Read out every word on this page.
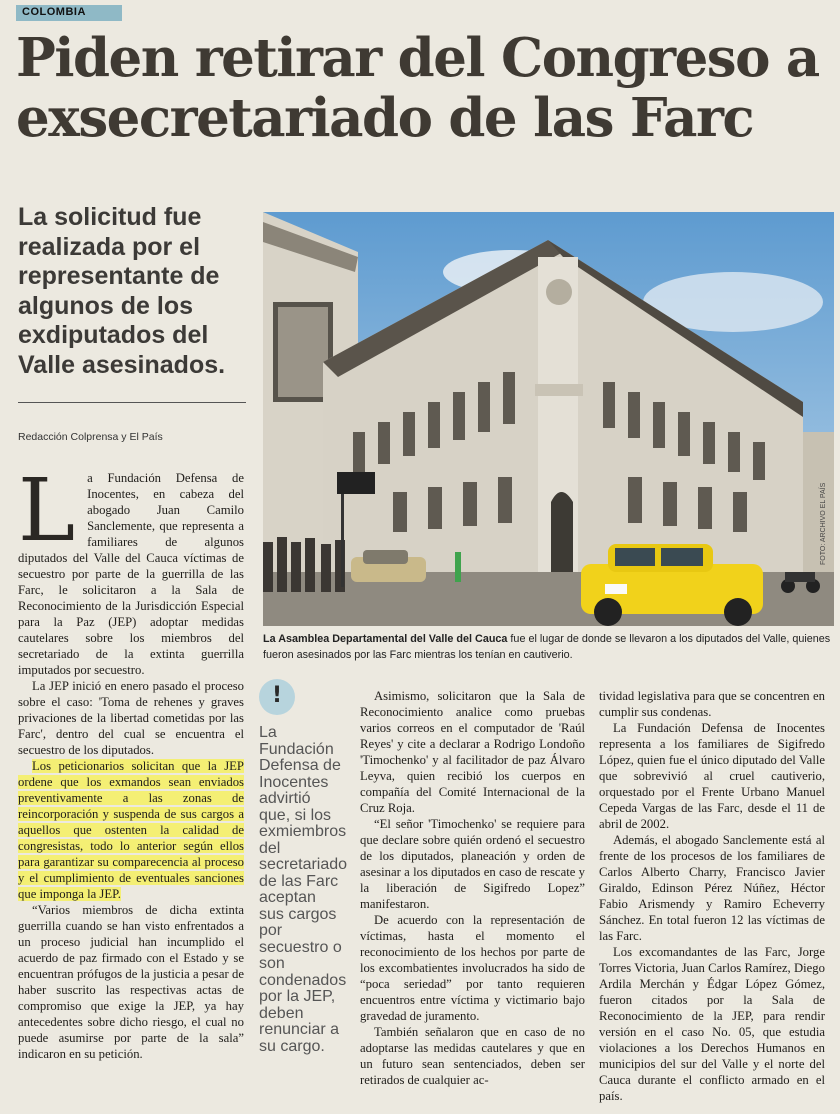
COLOMBIA
Piden retirar del Congreso a exsecretariado de las Farc

La solicitud fue realizada por el representante de algunos de los exdiputados del Valle asesinados.

Redacción Colprensa y El País
FOTO: ARCHIVO EL PAÍS

La Asamblea Departamental del Valle del Cauca fue el lugar de donde se llevaron a los diputados del Valle, quienes fueron asesinados por las Farc mientras los tenían en cautiverio.

L a Fundación Defensa de Inocentes, en cabeza del abogado Juan Camilo Sanclemente, que representa a familiares de algunos diputados del Valle del Cauca víctimas de secuestro por parte de la guerrilla de las Farc, le solicitaron a la Sala de Reconocimiento de la Jurisdicción Especial para la Paz (JEP) adoptar medidas cautelares sobre los miembros del secretariado de la extinta guerrilla imputados por secuestro.

La JEP inició en enero pasado el proceso sobre el caso: 'Toma de rehenes y graves privaciones de la libertad cometidas por las Farc', dentro del cual se encuentra el secuestro de los diputados.

Los peticionarios solicitan que la JEP ordene que los exmandos sean enviados preventivamente a las zonas de reincorporación y suspenda de sus cargos a aquellos que ostenten la calidad de congresistas, todo lo anterior según ellos para garantizar su comparecencia al proceso y el cumplimiento de eventuales sanciones que imponga la JEP.

“Varios miembros de dicha extinta guerrilla cuando se han visto enfrentados a un proceso judicial han incumplido el acuerdo de paz firmado con el Estado y se encuentran prófugos de la justicia a pesar de haber suscrito las respectivas actas de compromiso que exige la JEP, ya hay antecedentes sobre dicho riesgo, el cual no puede asumirse por parte de la sala” indicaron en su petición.

!

La Fundación Defensa de Inocentes advirtió que, si los exmiembros del secretariado de las Farc aceptan sus cargos por secuestro o son condenados por la JEP, deben renunciar a su cargo.

Asimismo, solicitaron que la Sala de Reconocimiento analice como pruebas varios correos en el computador de 'Raúl Reyes' y cite a declarar a Rodrigo Londoño 'Timochenko' y al facilitador de paz Álvaro Leyva, quien recibió los cuerpos en compañía del Comité Internacional de la Cruz Roja.

“El señor 'Timochenko' se requiere para que declare sobre quién ordenó el secuestro de los diputados, planeación y orden de asesinar a los diputados en caso de rescate y la liberación de Sigifredo Lopez” manifestaron.

De acuerdo con la representación de víctimas, hasta el momento el reconocimiento de los hechos por parte de los excombatientes involucrados ha sido de “poca seriedad” por tanto requieren encuentros entre víctima y victimario bajo gravedad de juramento.

También señalaron que en caso de no adoptarse las medidas cautelares y que en un futuro sean sentenciados, deben ser retirados de cualquier ac-

tividad legislativa para que se concentren en cumplir sus condenas.

La Fundación Defensa de Inocentes representa a los familiares de Sigifredo López, quien fue el único diputado del Valle que sobrevivió al cruel cautiverio, orquestado por el Frente Urbano Manuel Cepeda Vargas de las Farc, desde el 11 de abril de 2002.

Además, el abogado Sanclemente está al frente de los procesos de los familiares de Carlos Alberto Charry, Francisco Javier Giraldo, Edinson Pérez Núñez, Héctor Fabio Arismendy y Ramiro Echeverry Sánchez. En total fueron 12 las víctimas de las Farc.

Los excomandantes de las Farc, Jorge Torres Victoria, Juan Carlos Ramírez, Diego Ardila Merchán y Édgar López Gómez, fueron citados por la Sala de Reconocimiento de la JEP, para rendir versión en el caso No. 05, que estudia violaciones a los Derechos Humanos en municipios del sur del Valle y el norte del Cauca durante el conflicto armado en el país.
